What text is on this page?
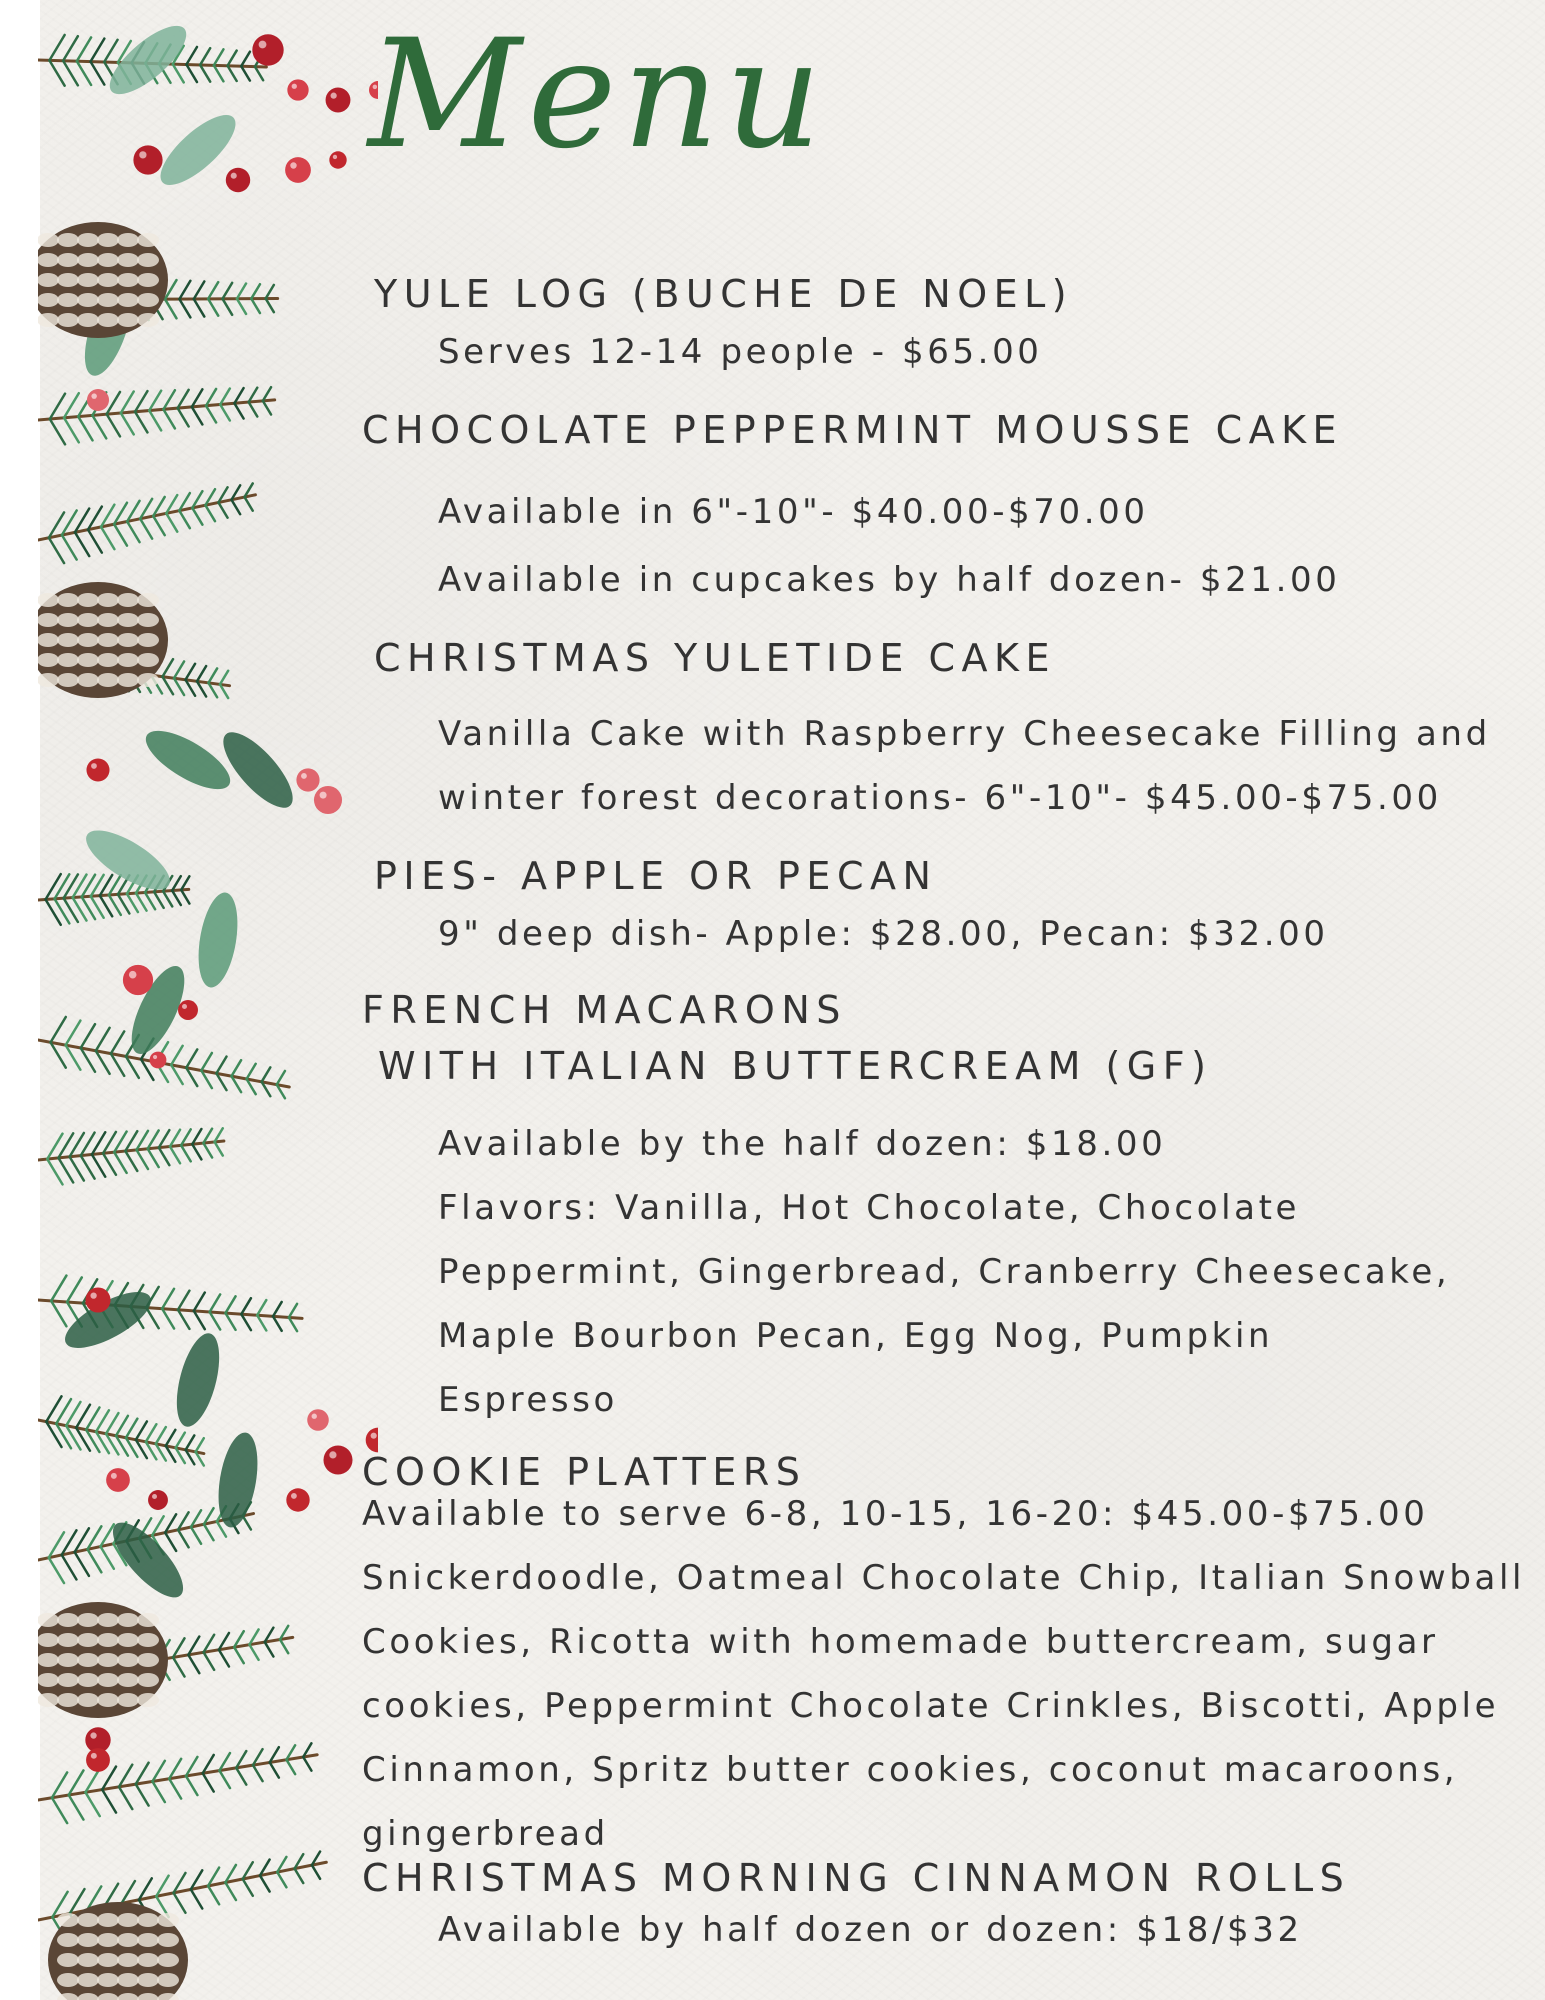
Menu
YULE LOG (BUCHE DE NOEL)
Serves 12-14 people - $65.00
CHOCOLATE PEPPERMINT MOUSSE CAKE
Available in 6"-10"- $40.00-$70.00
Available in cupcakes by half dozen- $21.00
CHRISTMAS YULETIDE CAKE
Vanilla Cake with Raspberry Cheesecake Filling and
winter forest decorations- 6"-10"- $45.00-$75.00
PIES- APPLE OR PECAN
9" deep dish- Apple: $28.00, Pecan: $32.00
FRENCH MACARONS
WITH ITALIAN BUTTERCREAM (GF)
Available by the half dozen: $18.00
Flavors: Vanilla, Hot Chocolate, Chocolate
Peppermint, Gingerbread, Cranberry Cheesecake,
Maple Bourbon Pecan, Egg Nog, Pumpkin
Espresso
COOKIE PLATTERS
Available to serve 6-8, 10-15, 16-20: $45.00-$75.00
Snickerdoodle, Oatmeal Chocolate Chip, Italian Snowball
Cookies, Ricotta with homemade buttercream, sugar
cookies, Peppermint Chocolate Crinkles, Biscotti, Apple
Cinnamon, Spritz butter cookies, coconut macaroons,
gingerbread
CHRISTMAS MORNING CINNAMON ROLLS
Available by half dozen or dozen: $18/$32
